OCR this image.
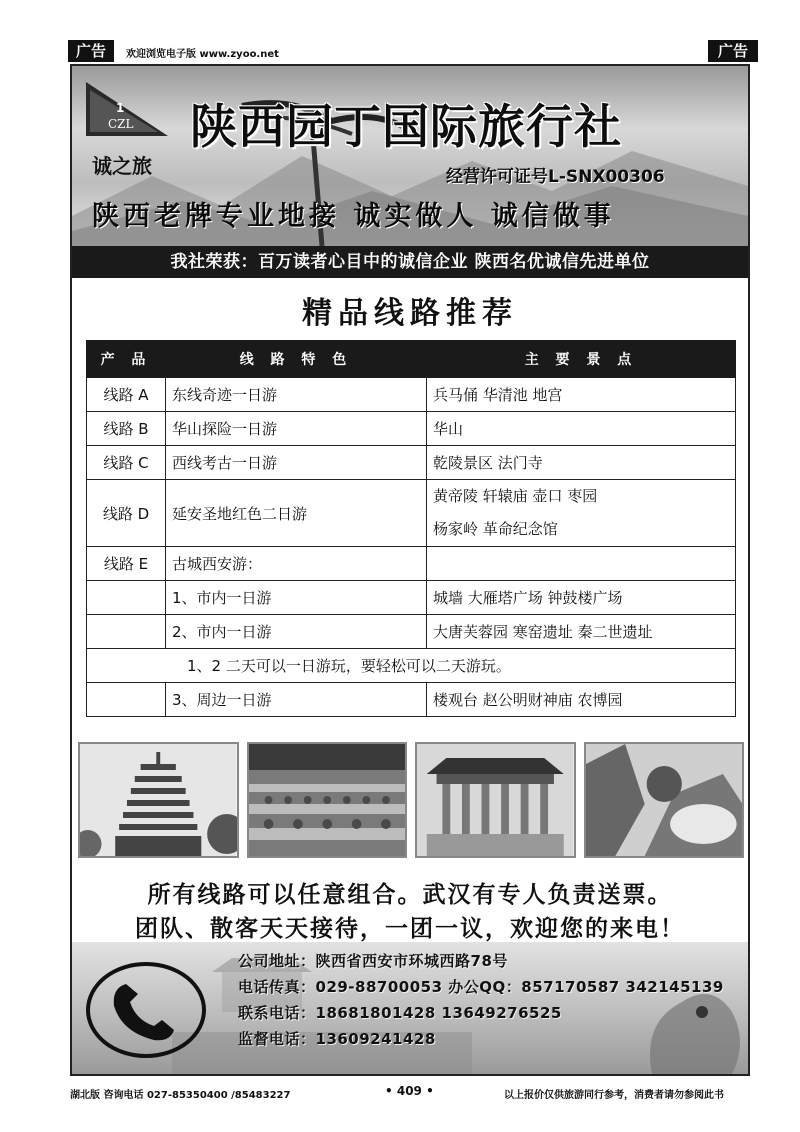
广告	欢迎浏览电子版 www.zyoo.net	广告
CZL
1
诚之旅
陕西园丁国际旅行社
经营许可证号L-SNX00306
陕西老牌专业地接 诚实做人 诚信做事
我社荣获：百万读者心目中的诚信企业 陕西名优诚信先进单位
精品线路推荐
产 品	线 路 特 色	主 要 景 点
线路 A	东线奇迹一日游	兵马俑 华清池 地宫
线路 B	华山探险一日游	华山
线路 C	西线考古一日游	乾陵景区 法门寺
线路 D	延安圣地红色二日游	黄帝陵 轩辕庙 壶口 枣园
杨家岭 革命纪念馆

线路 E	古城西安游：	
	1、市内一日游	城墙 大雁塔广场 钟鼓楼广场
	2、市内一日游	大唐芙蓉园 寒窑遗址 秦二世遗址
1、2 二天可以一日游玩，要轻松可以二天游玩。		
	3、周边一日游	楼观台 赵公明财神庙 农博园
所有线路可以任意组合。武汉有专人负责送票。
团队、散客天天接待，一团一议，欢迎您的来电！
公司地址：陕西省西安市环城西路78号
电话传真：029-88700053 办公QQ：857170587 342145139
联系电话：18681801428 13649276525
监督电话：13609241428
湖北版 咨询电话 027-85350400 /85483227	• 409 •	以上报价仅供旅游同行参考，消费者请勿参阅此书
